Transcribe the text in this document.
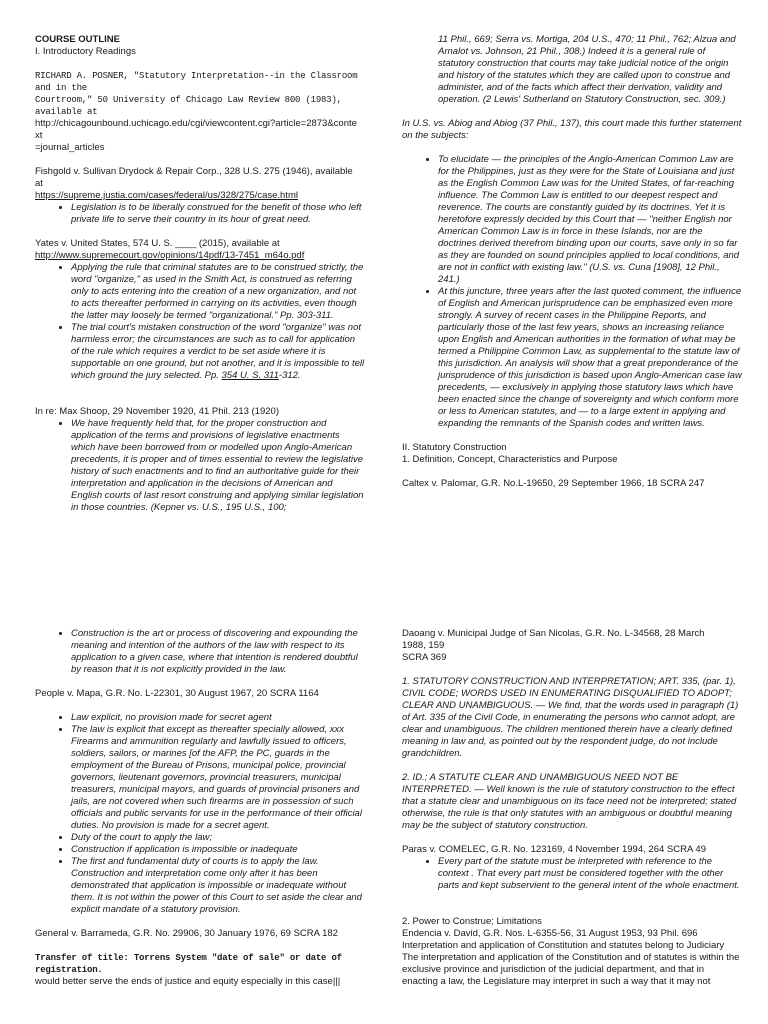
COURSE OUTLINE

I. Introductory Readings

RICHARD A. POSNER, "Statutory Interpretation--in the Classroom and in the

Courtroom," 50 University of Chicago Law Review 800 (1983), available at

http://chicagounbound.uchicago.edu/cgi/viewcontent.cgi?article=2873&conte

xt

=journal_articles

Fishgold v. Sullivan Drydock & Repair Corp., 328 U.S. 275 (1946), available

at

https://supreme.justia.com/cases/federal/us/328/275/case.html

• Legislation is to be liberally construed for the benefit of those who left private life to serve their country in its hour of great need.

Yates v. United States, 574 U. S. ____ (2015), available at

http://www.supremecourt.gov/opinions/14pdf/13-7451_m64o.pdf

• Applying the rule that criminal statutes are to be construed strictly, the word "organize," as used in the Smith Act, is construed as referring only to acts entering into the creation of a new organization, and not to acts thereafter performed in carrying on its activities, even though the latter may loosely be termed "organizational." Pp. 303-311.
• The trial court's mistaken construction of the word "organize" was not harmless error; the circumstances are such as to call for application of the rule which requires a verdict to be set aside where it is supportable on one ground, but not another, and it is impossible to tell which ground the jury selected. Pp. 354 U. S. 311-312.

In re: Max Shoop, 29 November 1920, 41 Phil. 213 (1920)

• We have frequently held that, for the proper construction and application of the terms and provisions of legislative enactments which have been borrowed from or modelled upon Anglo-American precedents, it is proper and of times essential to review the legislative history of such enactments and to find an authoritative guide for their interpretation and application in the decisions of American and English courts of last resort construing and applying similar legislation in those countries. (Kepner vs. U.S., 195 U.S., 100;

11 Phil., 669; Serra vs. Mortiga, 204 U.S., 470; 11 Phil., 762; Alzua and Arnalot vs. Johnson, 21 Phil., 308.) Indeed it is a general rule of statutory construction that courts may take judicial notice of the origin and history of the statutes which they are called upon to construe and administer, and of the facts which affect their derivation, validity and operation. (2 Lewis' Sutherland on Statutory Construction, sec. 309.)

In U.S. vs. Abiog and Abiog (37 Phil., 137), this court made this further statement on the subjects:

• To elucidate — the principles of the Anglo-American Common Law are for the Philippines, just as they were for the State of Louisiana and just as the English Common Law was for the United States, of far-reaching influence. The Common Law is entitled to our deepest respect and reverence. The courts are constantly guided by its doctrines. Yet it is heretofore expressly decided by this Court that — "neither English nor American Common Law is in force in these Islands, nor are the doctrines derived therefrom binding upon our courts, save only in so far as they are founded on sound principles applied to local conditions, and are not in conflict with existing law." (U.S. vs. Cuna [1908], 12 Phil., 241.)
• At this juncture, three years after the last quoted comment, the influence of English and American jurisprudence can be emphasized even more strongly. A survey of recent cases in the Philippine Reports, and particularly those of the last few years, shows an increasing reliance upon English and American authorities in the formation of what may be termed a Philippine Common Law, as supplemental to the statute law of this jurisdiction. An analysis will show that a great preponderance of the jurisprudence of this jurisdiction is based upon Anglo-American case law precedents, — exclusively in applying those statutory laws which have been enacted since the change of sovereignty and which conform more or less to American statutes, and — to a large extent in applying and expanding the remnants of the Spanish codes and written laws.

II. Statutory Construction

1. Definition, Concept, Characteristics and Purpose

Caltex v. Palomar, G.R. No.L-19650, 29 September 1966, 18 SCRA 247

• Construction is the art or process of discovering and expounding the meaning and intention of the authors of the law with respect to its application to a given case, where that intention is rendered doubtful by reason that it is not explicitly provided in the law.

People v. Mapa, G.R. No. L-22301, 30 August 1967, 20 SCRA 1164

• Law explicit, no provision made for secret agent
• The law is explicit that except as thereafter specially allowed, xxx Firearms and ammunition regularly and lawfully issued to officers, soldiers, sailors, or marines [of the AFP, the PC, guards in the employment of the Bureau of Prisons, municipal police, provincial governors, lieutenant governors, provincial treasurers, municipal treasurers, municipal mayors, and guards of provincial prisoners and jails, are not covered when such firearms are in possession of such officials and public servants for use in the performance of their official duties. No provision is made for a secret agent.
• Duty of the court to apply the law;
• Construction if application is impossible or inadequate
• The first and fundamental duty of courts is to apply the law. Construction and interpretation come only after it has been demonstrated that application is impossible or inadequate without them. It is not within the power of this Court to set aside the clear and explicit mandate of a statutory provision.

General v. Barrameda, G.R. No. 29906, 30 January 1976, 69 SCRA 182

Transfer of title: Torrens System "date of sale" or date of registration.

would better serve the ends of justice and equity especially in this case|||

Daoang v. Municipal Judge of San Nicolas, G.R. No. L-34568, 28 March

1988, 159

SCRA 369

1. STATUTORY CONSTRUCTION AND INTERPRETATION; ART. 335, (par. 1), CIVIL CODE; WORDS USED IN ENUMERATING DISQUALIFIED TO ADOPT; CLEAR AND UNAMBIGUOUS. — We find, that the words used in paragraph (1) of Art. 335 of the Civil Code, in enumerating the persons who cannot adopt, are clear and unambiguous. The children mentioned therein have a clearly defined meaning in law and, as pointed out by the respondent judge, do not include grandchildren.

2. ID.; A STATUTE CLEAR AND UNAMBIGUOUS NEED NOT BE INTERPRETED. — Well known is the rule of statutory construction to the effect that a statute clear and unambiguous on its face need not be interpreted; stated otherwise, the rule is that only statutes with an ambiguous or doubtful meaning may be the subject of statutory construction.

Paras v. COMELEC, G.R. No. 123169, 4 November 1994, 264 SCRA 49

• Every part of the statute must be interpreted with reference to the context . That every part must be considered together with the other parts and kept subservient to the general intent of the whole enactment.

2. Power to Construe; Limitations

Endencia v. David, G.R. Nos. L-6355-56, 31 August 1953, 93 Phil. 696

Interpretation and application of Constitution and statutes belong to Judiciary

The interpretation and application of the Constitution and of statutes is within the exclusive province and jurisdiction of the judicial department, and that in enacting a law, the Legislature may interpret in such a way that it may not
